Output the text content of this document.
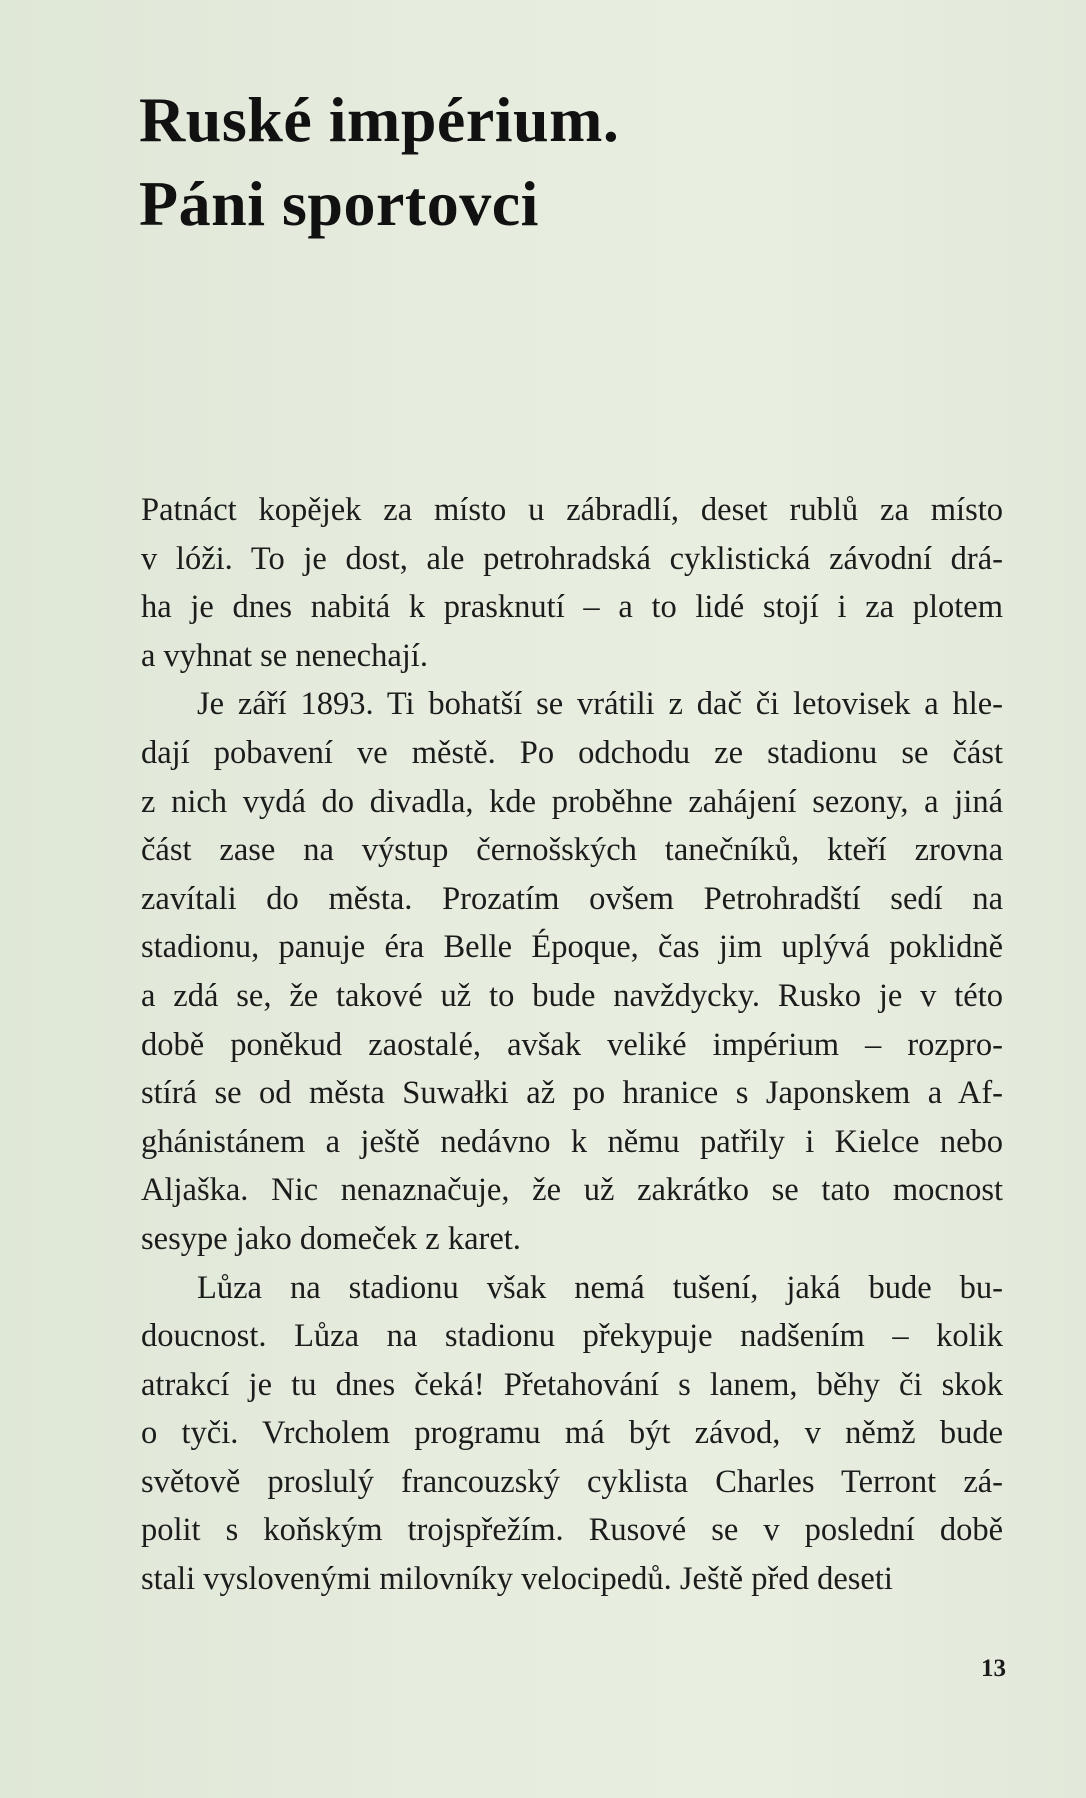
Ruské impérium.
Páni sportovci
Patnáct kopějek za místo u zábradlí, deset rublů za místo
v lóži. To je dost, ale petrohradská cyklistická závodní drá-
ha je dnes nabitá k prasknutí – a to lidé stojí i za plotem
a vyhnat se nenechají.
Je září 1893. Ti bohatší se vrátili z dač či letovisek a hle-
dají pobavení ve městě. Po odchodu ze stadionu se část
z nich vydá do divadla, kde proběhne zahájení sezony, a jiná
část zase na výstup černošských tanečníků, kteří zrovna
zavítali do města. Prozatím ovšem Petrohradští sedí na
stadionu, panuje éra Belle Époque, čas jim uplývá poklidně
a zdá se, že takové už to bude navždycky. Rusko je v této
době poněkud zaostalé, avšak veliké impérium – rozpro-
stírá se od města Suwałki až po hranice s Japonskem a Af-
ghánistánem a ještě nedávno k němu patřily i Kielce nebo
Aljaška. Nic nenaznačuje, že už zakrátko se tato mocnost
sesype jako domeček z karet.
Lůza na stadionu však nemá tušení, jaká bude bu-
doucnost. Lůza na stadionu překypuje nadšením – kolik
atrakcí je tu dnes čeká! Přetahování s lanem, běhy či skok
o tyči. Vrcholem programu má být závod, v němž bude
světově proslulý francouzský cyklista Charles Terront zá-
polit s koňským trojspřežím. Rusové se v poslední době
stali vyslovenými milovníky velocipedů. Ještě před deseti
13
